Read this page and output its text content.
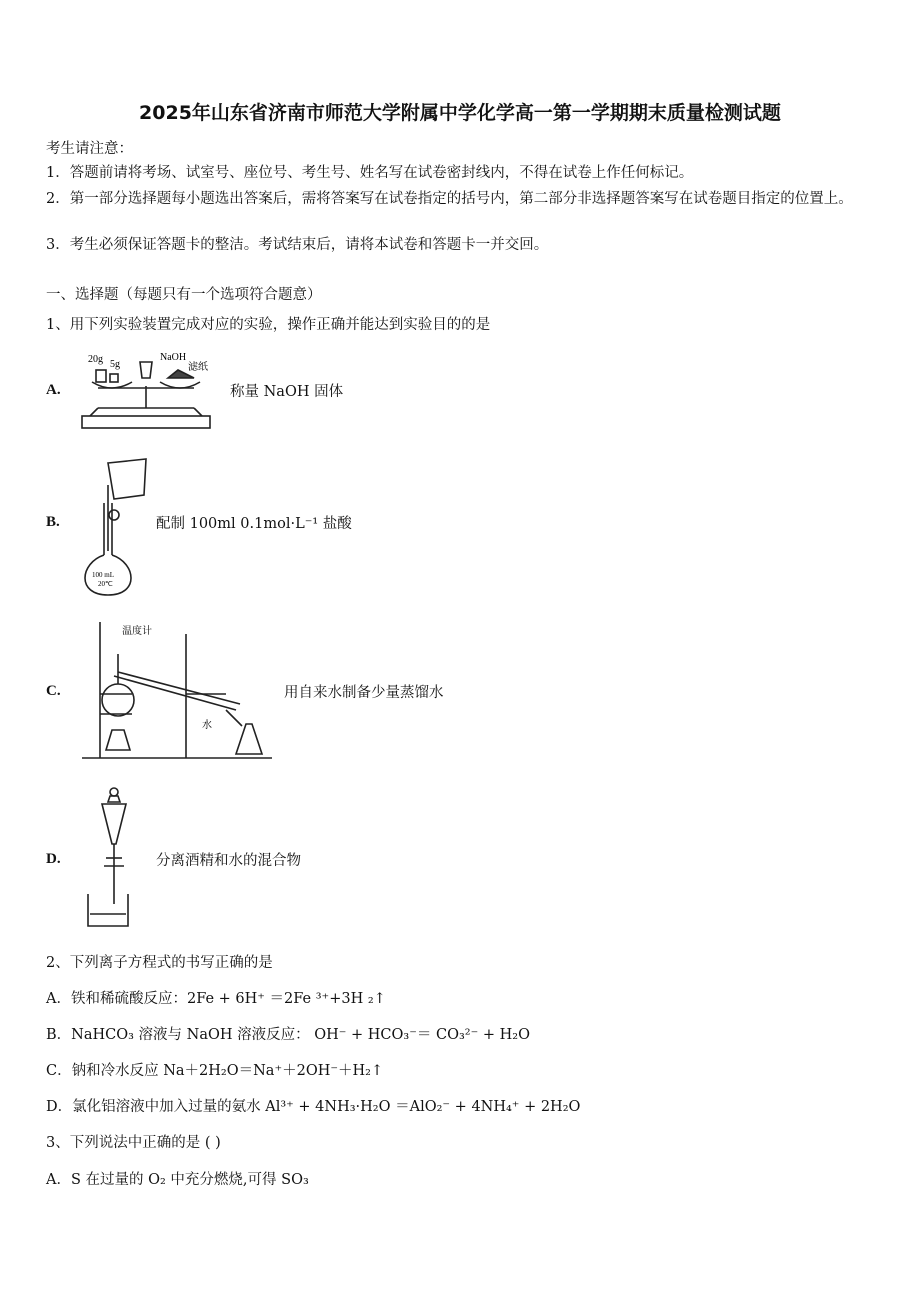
2025年山东省济南市师范大学附属中学化学高一第一学期期末质量检测试题
考生请注意：
1．答题前请将考场、试室号、座位号、考生号、姓名写在试卷密封线内，不得在试卷上作任何标记。
2．第一部分选择题每小题选出答案后，需将答案写在试卷指定的括号内，第二部分非选择题答案写在试卷题目指定的位置上。
3．考生必须保证答题卡的整洁。考试结束后，请将本试卷和答题卡一并交回。
一、选择题（每题只有一个选项符合题意）
1、用下列实验装置完成对应的实验，操作正确并能达到实验目的的是
A.
20g 5g
NaOH
滤纸
称量 NaOH 固体
B.
100 mL
20℃
配制 100ml 0.1mol·L⁻¹ 盐酸
C.
温度计
水
用自来水制备少量蒸馏水
D.	分离酒精和水的混合物
2、下列离子方程式的书写正确的是
A．铁和稀硫酸反应：2Fe + 6H⁺ ＝2Fe ³⁺+3H ₂↑
B．NaHCO₃ 溶液与 NaOH 溶液反应： OH⁻ + HCO₃⁻＝ CO₃²⁻ + H₂O
C．钠和冷水反应 Na＋2H₂O＝Na⁺＋2OH⁻＋H₂↑
D．氯化铝溶液中加入过量的氨水 Al³⁺ + 4NH₃·H₂O ＝AlO₂⁻ + 4NH₄⁺ + 2H₂O
3、下列说法中正确的是 ( )
A．S 在过量的 O₂ 中充分燃烧,可得 SO₃
